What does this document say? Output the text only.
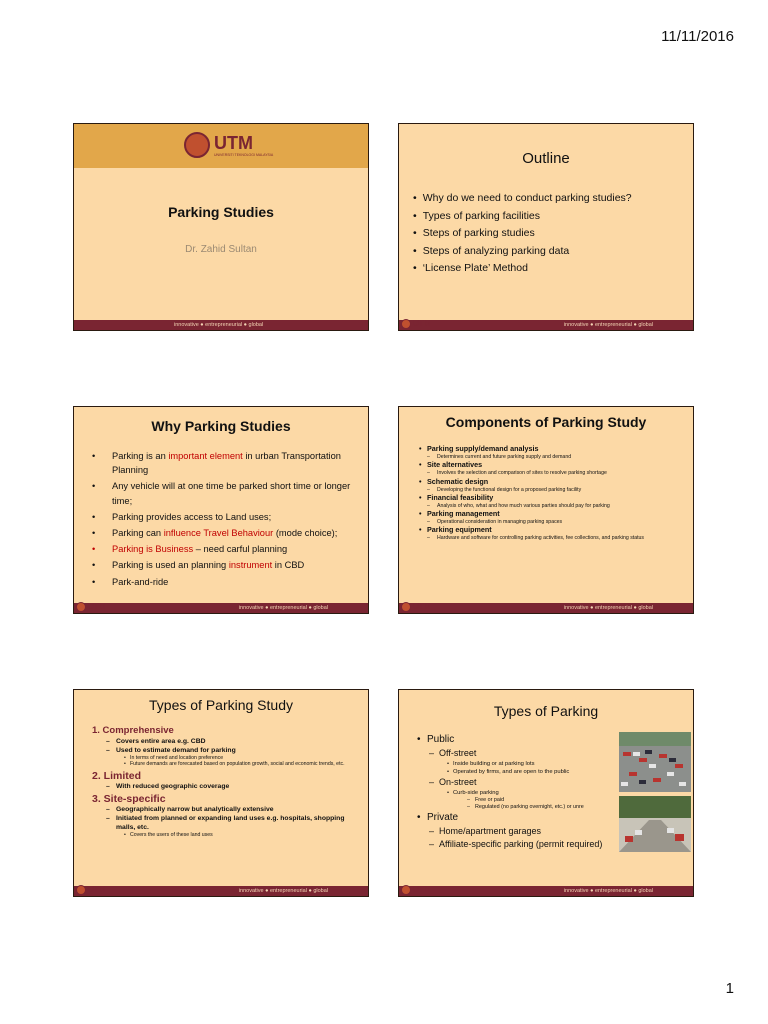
11/11/2016
UTM
UNIVERSITI TEKNOLOGI MALAYSIA
Parking Studies
Dr. Zahid Sultan
innovative ● entrepreneurial ● global
Outline
• Why do we need to conduct parking studies?
• Types of parking facilities
• Steps of parking studies
• Steps of analyzing parking data
• ‘License Plate’ Method
UTM	innovative ● entrepreneurial ● global
Why Parking Studies
• Parking is an important element in urban Transportation Planning
• Any vehicle will at one time be parked short time or longer time;
• Parking provides access to Land uses;
• Parking can influence Travel Behaviour (mode choice);
• Parking is Business – need carful planning
• Parking is used an planning instrument in CBD
• Park-and-ride
UTM	innovative ● entrepreneurial ● global
Components of Parking Study
• Parking supply/demand analysis
– Determines current and future parking supply and demand
• Site alternatives
– Involves the selection and comparison of sites to resolve parking shortage
• Schematic design
– Developing the functional design for a proposed parking facility
• Financial feasibility
– Analysis of who, what and how much various parties should pay for parking
• Parking management
– Operational consideration in managing parking spaces
• Parking equipment
– Hardware and software for controlling parking activities, fee collections, and parking status
UTM	innovative ● entrepreneurial ● global
Types of Parking Study
1. Comprehensive
– Covers entire area e.g. CBD
– Used to estimate demand for parking
• In terms of need and location preference
• Future demands are forecasted based on population growth, social and economic trends, etc.
2. Limited
– With reduced geographic coverage
3. Site-specific
– Geographically narrow but analytically extensive
– Initiated from planned or expanding land uses e.g. hospitals, shopping malls, etc.
• Covers the users of these land uses
UTM	innovative ● entrepreneurial ● global
Types of Parking
• Public
– Off-street
• Inside building or at parking lots
• Operated by firms, and are open to the public
– On-street
• Curb-side parking
– Free or paid
– Regulated (no parking overnight, etc.) or unre
• Private
– Home/apartment garages
– Affiliate-specific parking (permit required)
UTM	innovative ● entrepreneurial ● global
1
